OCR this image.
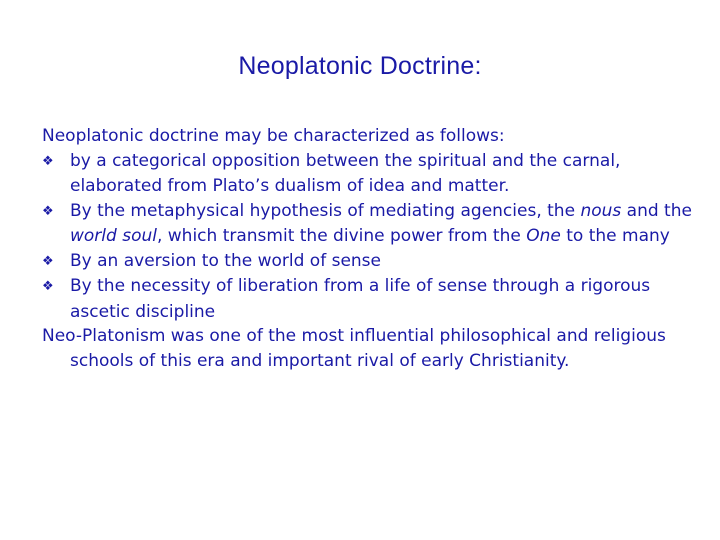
Neoplatonic Doctrine:
Neoplatonic doctrine may be characterized as follows:
❖ by a categorical opposition between the spiritual and the carnal, elaborated from Plato’s dualism of idea and matter.
❖ By the metaphysical hypothesis of mediating agencies, the nous and the world soul, which transmit the divine power from the One to the many
❖ By an aversion to the world of sense
❖ By the necessity of liberation from a life of sense through a rigorous ascetic discipline
Neo-Platonism was one of the most influential philosophical and religious schools of this era and important rival of early Christianity.
